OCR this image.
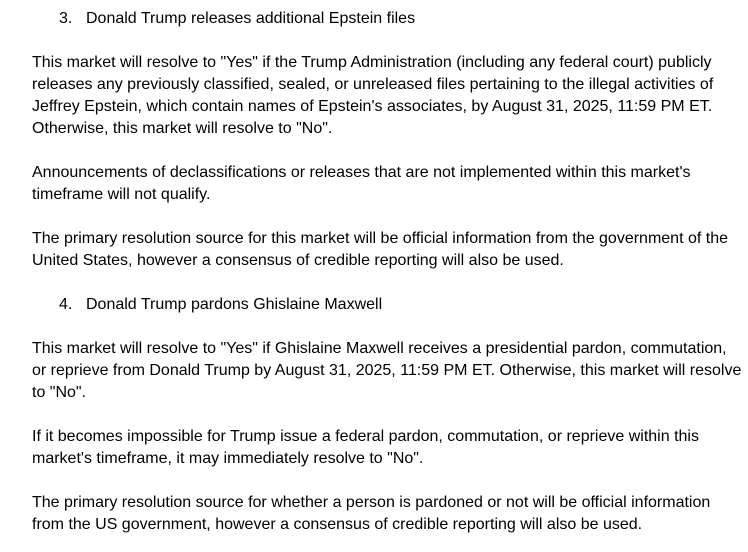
3. Donald Trump releases additional Epstein files

This market will resolve to "Yes" if the Trump Administration (including any federal court) publicly releases any previously classified, sealed, or unreleased files pertaining to the illegal activities of Jeffrey Epstein, which contain names of Epstein's associates, by August 31, 2025, 11:59 PM ET. Otherwise, this market will resolve to "No".

Announcements of declassifications or releases that are not implemented within this market's timeframe will not qualify.

The primary resolution source for this market will be official information from the government of the United States, however a consensus of credible reporting will also be used.

4. Donald Trump pardons Ghislaine Maxwell

This market will resolve to "Yes" if Ghislaine Maxwell receives a presidential pardon, commutation, or reprieve from Donald Trump by August 31, 2025, 11:59 PM ET. Otherwise, this market will resolve to "No".

If it becomes impossible for Trump issue a federal pardon, commutation, or reprieve within this market's timeframe, it may immediately resolve to "No".

The primary resolution source for whether a person is pardoned or not will be official information from the US government, however a consensus of credible reporting will also be used.
